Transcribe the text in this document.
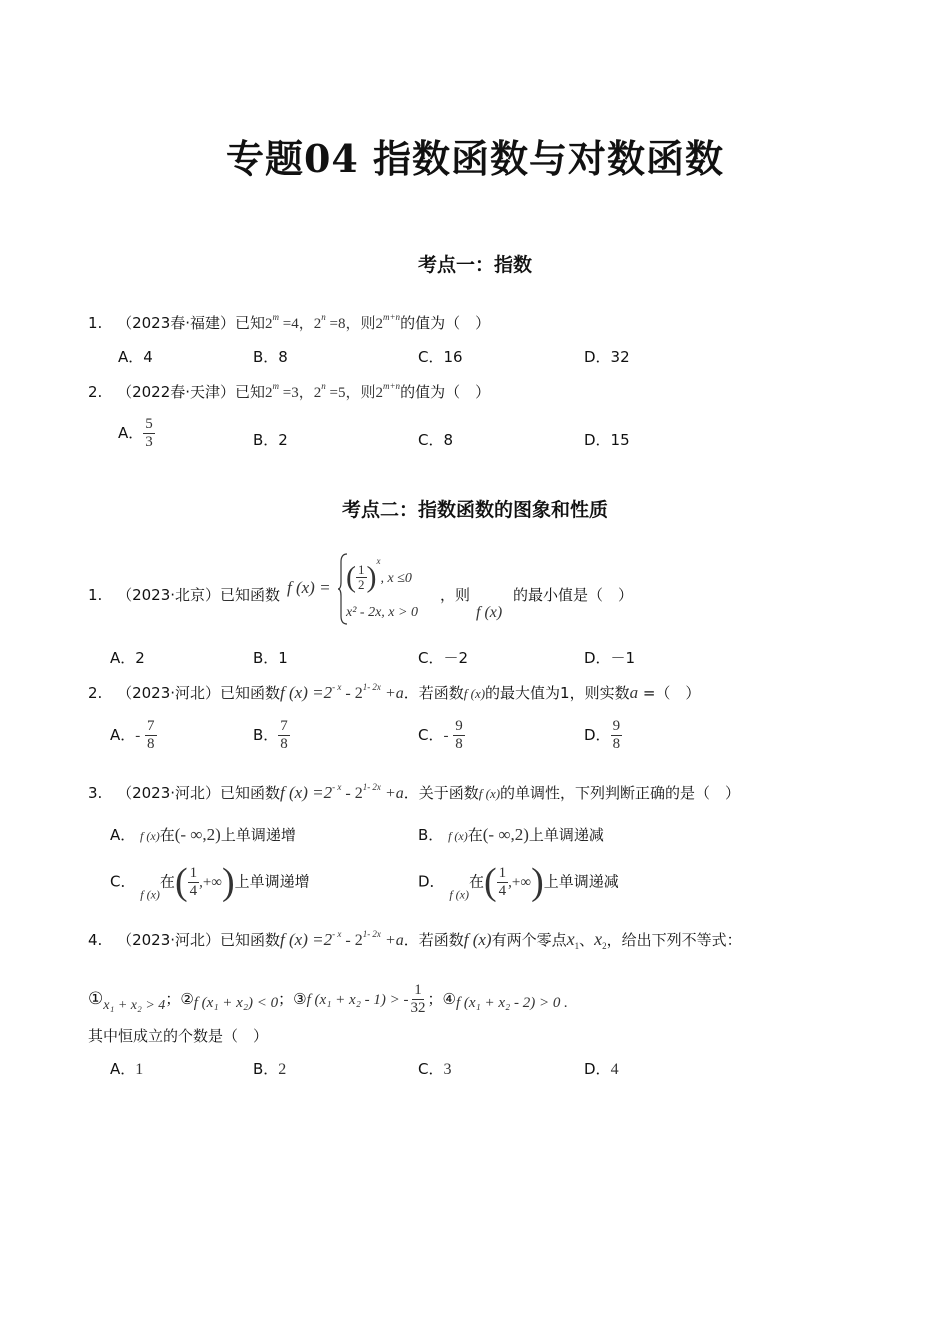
专题04 指数函数与对数函数
考点一：指数
1. （2023春·福建）已知$2^m =4$，$2^n =8$，则$2^{m+n}$的值为（　）
A．4	B．8	C．16	D．32
2. （2022春·天津）已知$2^m =3$，$2^n =5$，则$2^{m+n}$的值为（　）
A． $\frac{5}{3}$	B．2	C．8	D．15
考点二：指数函数的图象和性质
1. （2023·北京）已知函数 f (x) = ( $\frac{1}{2} )^x$, x ≤0
x² - 2x, x > 0
，则
f (x)
的最小值是（　）
A．2	B．1	C．－2	D．－1
2. （2023·河北）已知函数f $(x) =2^{- x} - 2^{1- 2x} +a$．若函数f (x)的最大值为1，则实数a =（　）
A．- $\frac{7}{8}$	B． $\frac{7}{8}$	C．- $\frac{9}{8}$	D． $\frac{9}{8}$
3. （2023·河北）已知函数f $(x) =2^{- x} - 2^{1- 2x} +a$．关于函数f (x)的单调性，下列判断正确的是（　）
A． f (x)在(- ∞,2)上单调递增	B． f (x)在(- ∞,2)上单调递减
C． $_{f (x)}$在( $\frac{1}{4}$ ,+∞)上单调递增	D． $_{f (x)}$在( $\frac{1}{4}$ ,+∞)上单调递减
4. （2023·河北）已知函数f $(x) =2^{- x} - 2^{1- 2x} +a$．若函数f (x)有两个零点$x_1$、$x_2$，给出下列不等式：
①x₁ + x₂ > 4；②f (x₁ + x₂) < 0；③f (x₁ + x₂ - 1) > - $\frac{1}{32}$ ；④f (x₁ + x₂ - 2) > 0 .
其中恒成立的个数是（　）
A．1	B．2	C．3	D．4
